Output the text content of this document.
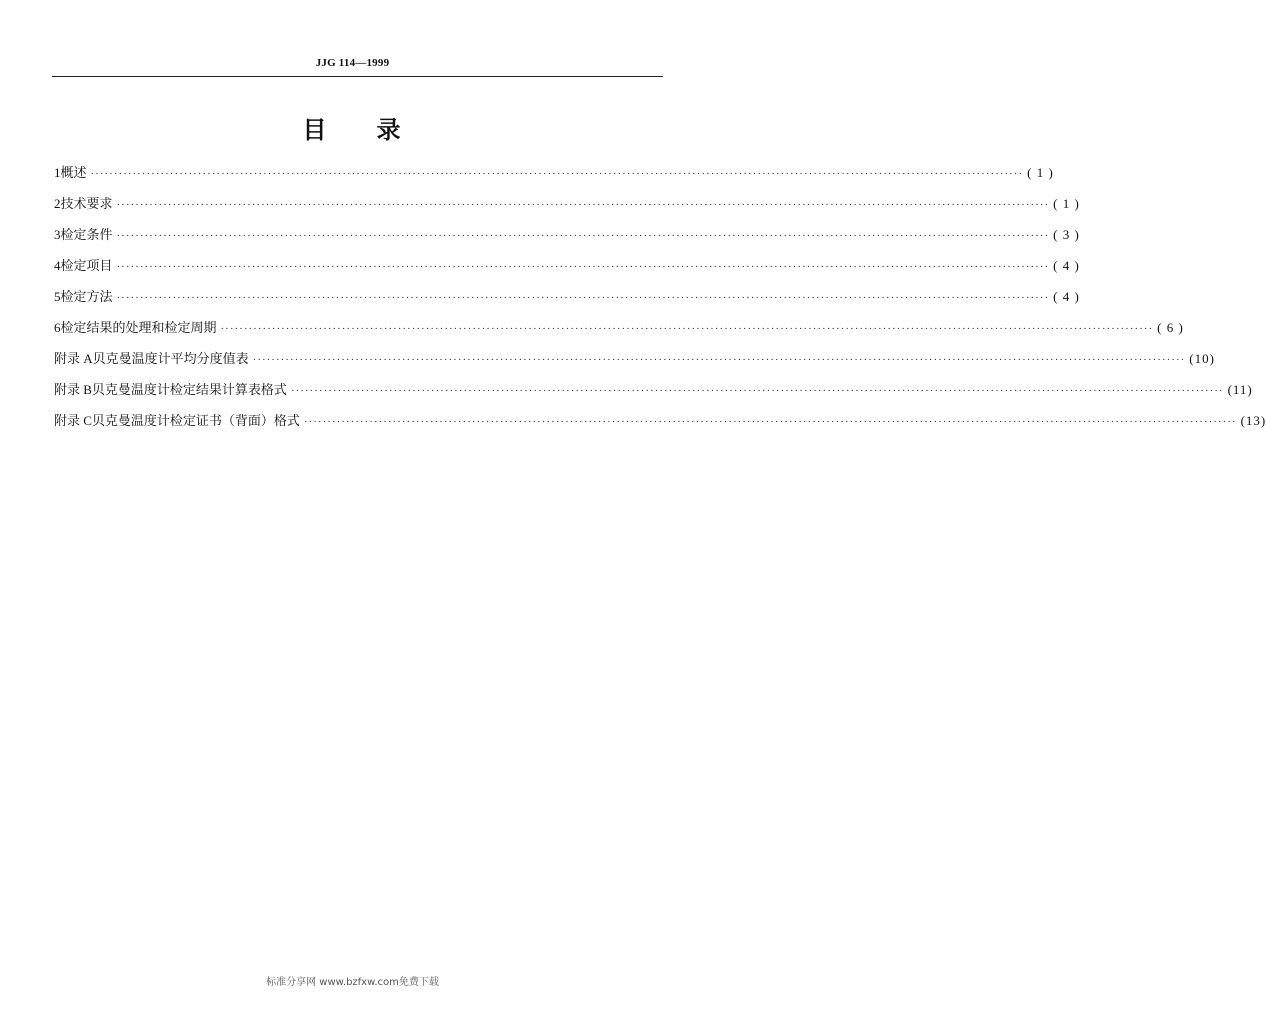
JJG 114—1999
目 录
1 概述 ········································································································································································································ ( 1 )
2 技术要求 ········································································································································································································ ( 1 )
3 检定条件 ········································································································································································································ ( 3 )
4 检定项目 ········································································································································································································ ( 4 )
5 检定方法 ········································································································································································································ ( 4 )
6 检定结果的处理和检定周期 ········································································································································································································ ( 6 )
附录 A 贝克曼温度计平均分度值表 ········································································································································································································ (10)
附录 B 贝克曼温度计检定结果计算表格式 ········································································································································································································ (11)
附录 C 贝克曼温度计检定证书（背面）格式 ········································································································································································································ (13)
标准分享网 www.bzfxw.com免费下载
